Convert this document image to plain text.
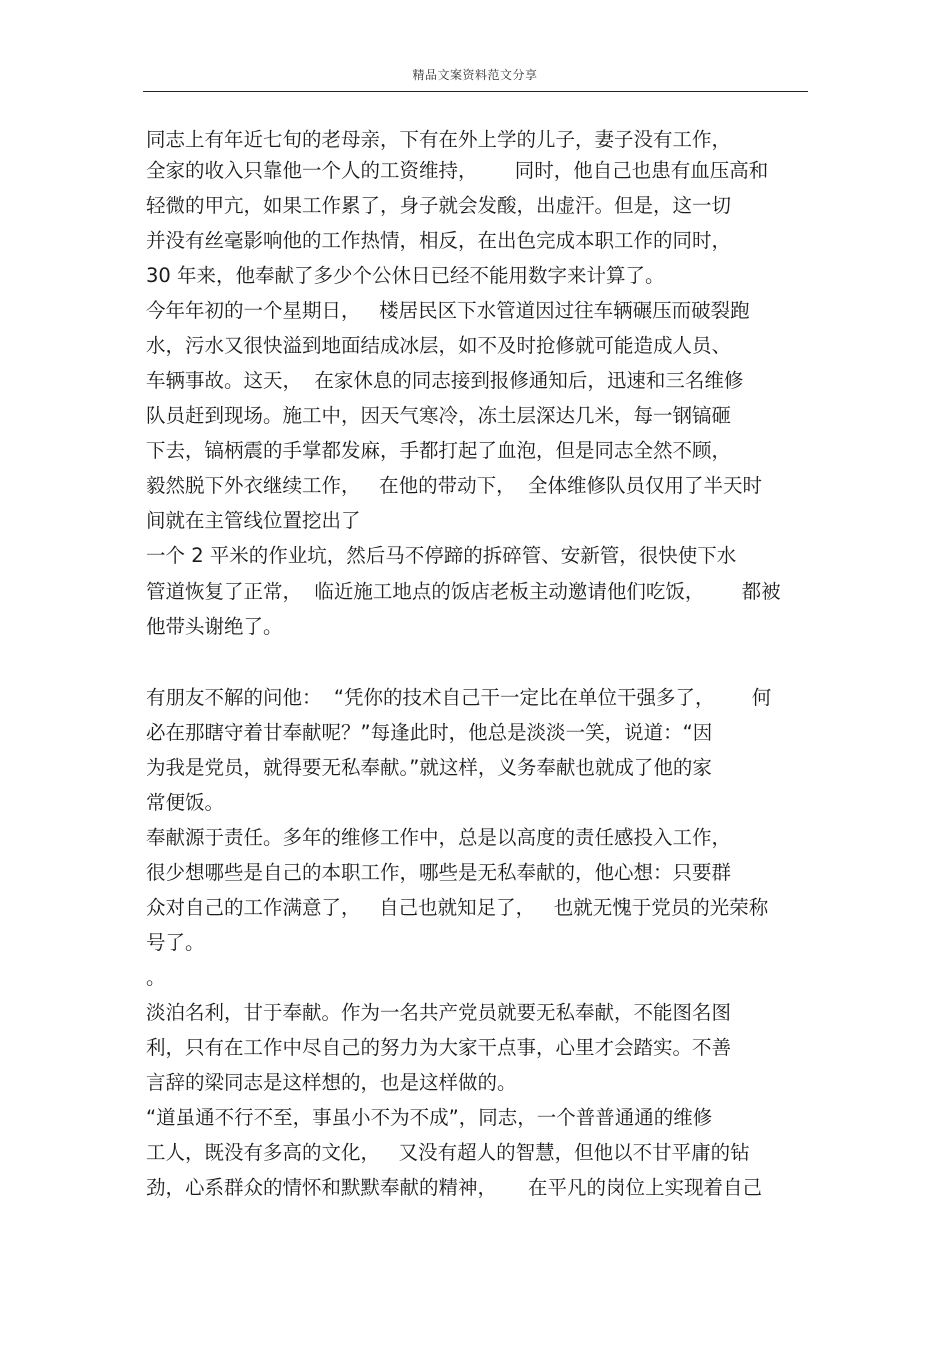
精品文案资料范文分享
同志上有年近七旬的老母亲，下有在外上学的儿子，妻子没有工作，
全家的收入只靠他一个人的工资维持，      同时，他自己也患有血压高和
轻微的甲亢，如果工作累了，身子就会发酸，出虚汗。但是，这一切
并没有丝毫影响他的工作热情，相反，在出色完成本职工作的同时，
30 年来，他奉献了多少个公休日已经不能用数字来计算了。
今年年初的一个星期日，   楼居民区下水管道因过往车辆碾压而破裂跑
水，污水又很快溢到地面结成冰层，如不及时抢修就可能造成人员、
车辆事故。这天，  在家休息的同志接到报修通知后，迅速和三名维修
队员赶到现场。施工中，因天气寒冷，冻土层深达几米，每一钢镐砸
下去，镐柄震的手掌都发麻，手都打起了血泡，但是同志全然不顾，
毅然脱下外衣继续工作，   在他的带动下，  全体维修队员仅用了半天时
间就在主管线位置挖出了
一个 2 平米的作业坑，然后马不停蹄的拆碎管、安新管，很快使下水
管道恢复了正常，  临近施工地点的饭店老板主动邀请他们吃饭，      都被
他带头谢绝了。
有朋友不解的问他：  “凭你的技术自己干一定比在单位干强多了，      何
必在那瞎守着甘奉献呢？”每逢此时，他总是淡淡一笑，说道：“因
为我是党员，就得要无私奉献。”就这样，义务奉献也就成了他的家
常便饭。
奉献源于责任。多年的维修工作中，总是以高度的责任感投入工作，
很少想哪些是自己的本职工作，哪些是无私奉献的，他心想：只要群
众对自己的工作满意了，   自己也就知足了，   也就无愧于党员的光荣称
号了。
。
淡泊名利，甘于奉献。作为一名共产党员就要无私奉献，不能图名图
利，只有在工作中尽自己的努力为大家干点事，心里才会踏实。不善
言辞的梁同志是这样想的，也是这样做的。
“道虽通不行不至，事虽小不为不成”，同志，一个普普通通的维修
工人，既没有多高的文化，   又没有超人的智慧，但他以不甘平庸的钻
劲，心系群众的情怀和默默奉献的精神，     在平凡的岗位上实现着自己
